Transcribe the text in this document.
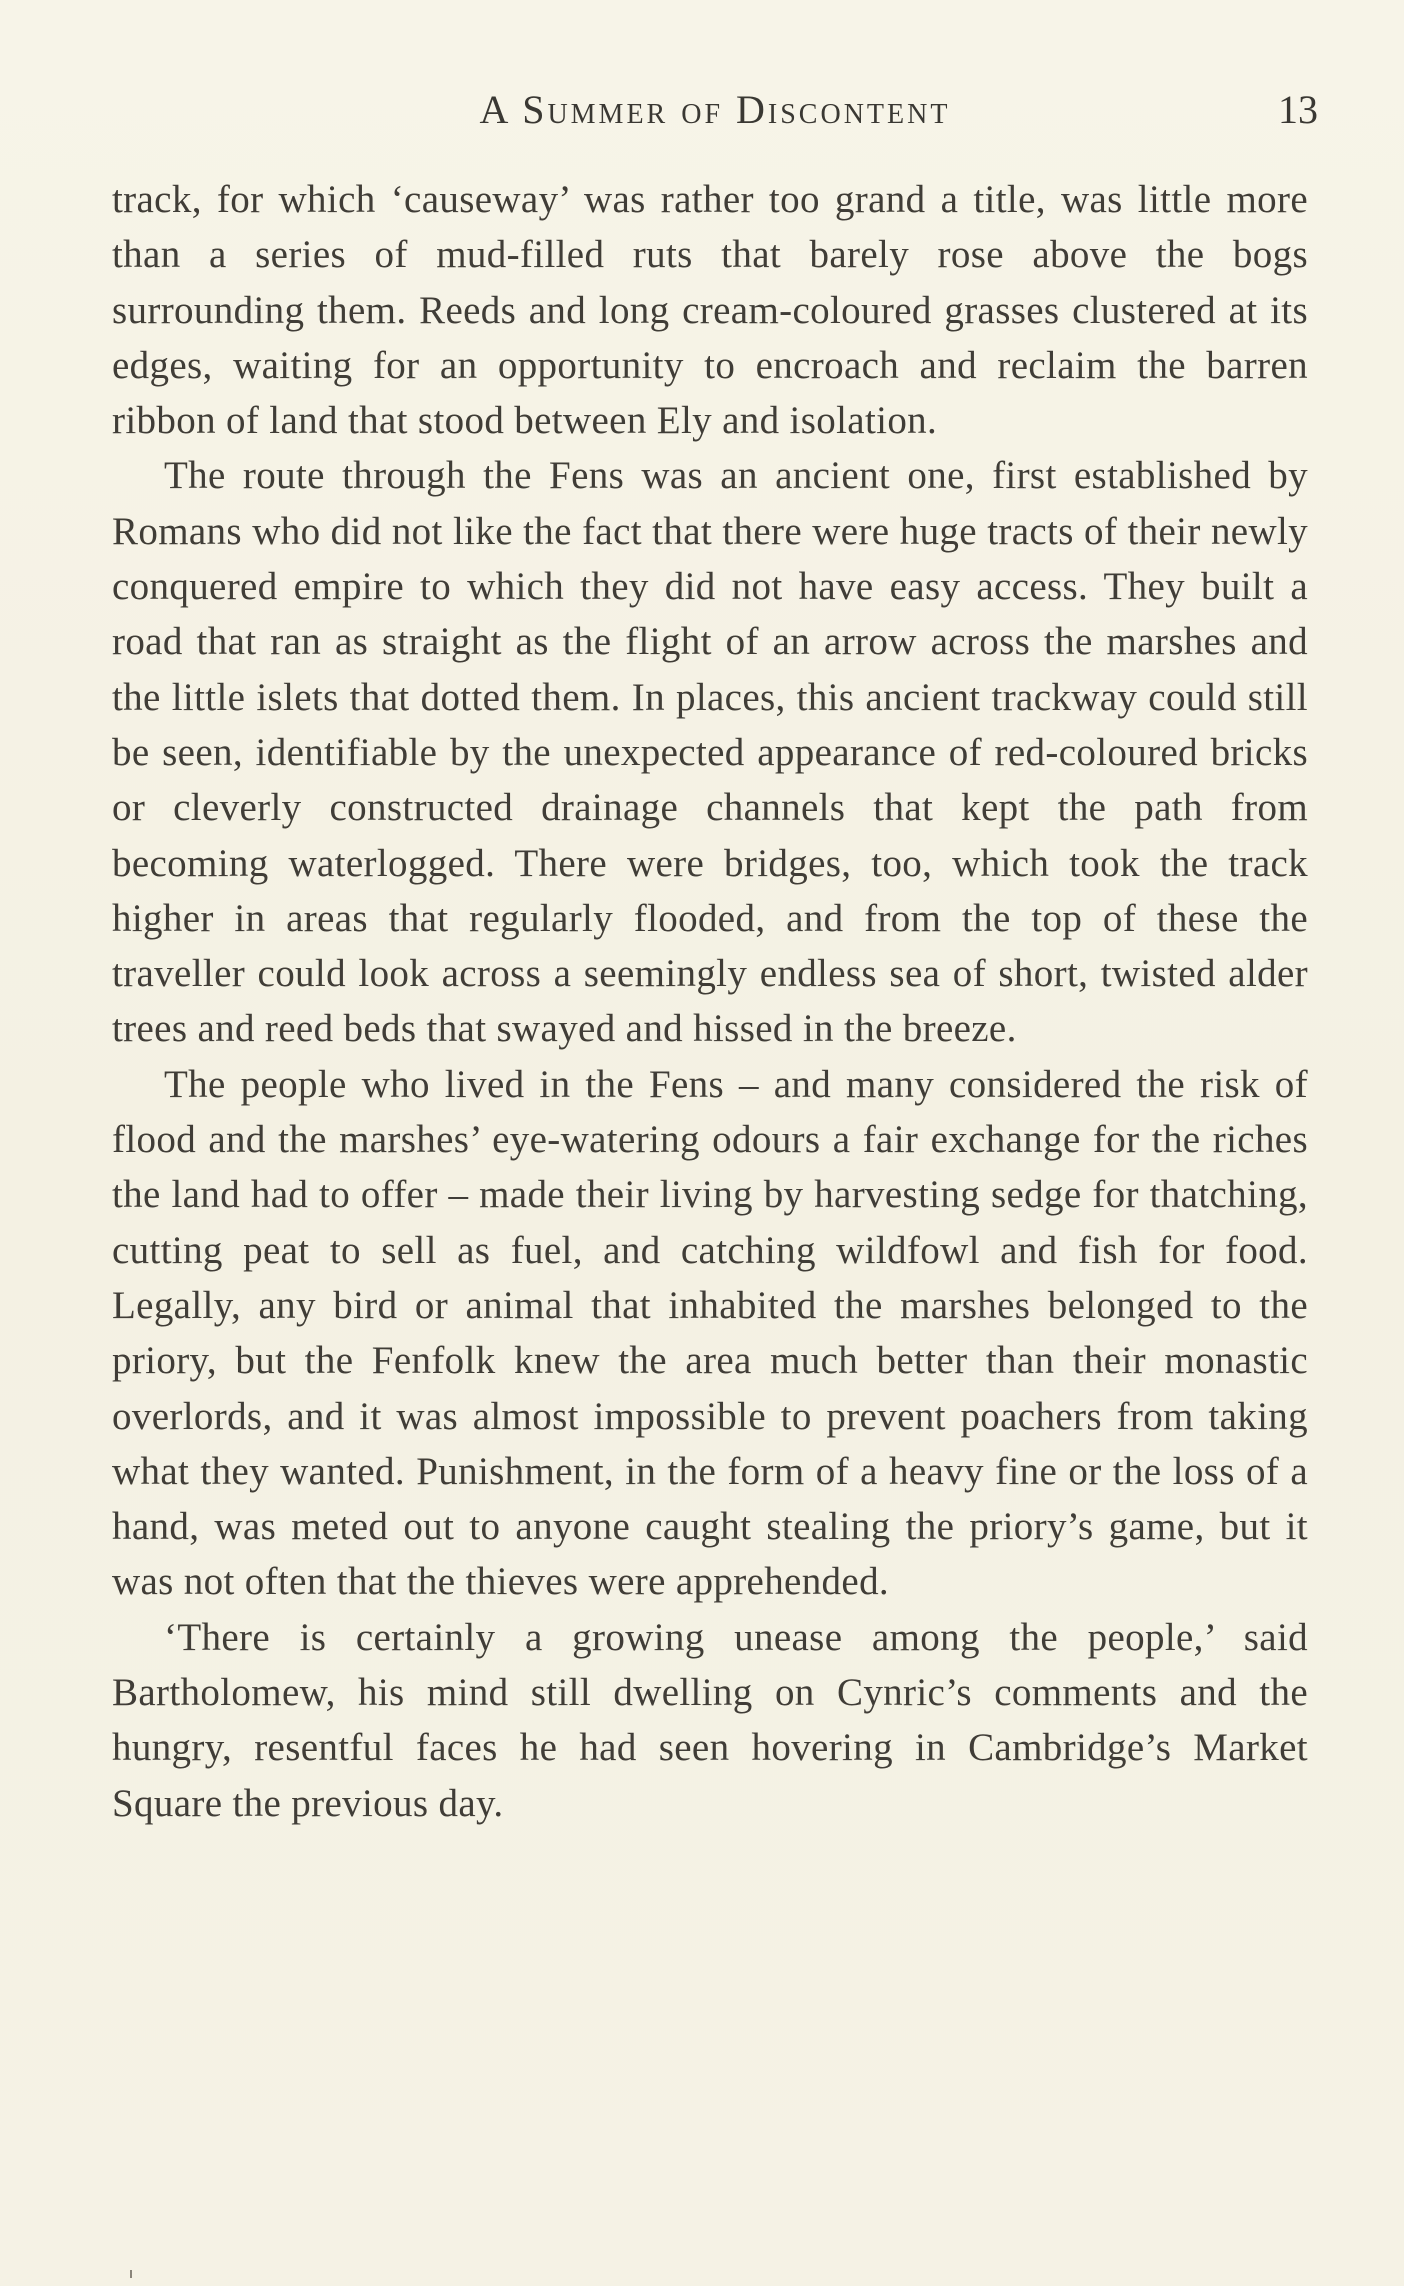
A Summer of Discontent	13

track, for which ‘causeway’ was rather too grand a title, was little more than a series of mud-filled ruts that barely rose above the bogs surrounding them. Reeds and long cream-coloured grasses clustered at its edges, waiting for an opportunity to encroach and reclaim the barren ribbon of land that stood between Ely and isolation.

The route through the Fens was an ancient one, first established by Romans who did not like the fact that there were huge tracts of their newly conquered empire to which they did not have easy access. They built a road that ran as straight as the flight of an arrow across the marshes and the little islets that dotted them. In places, this ancient trackway could still be seen, identifiable by the unexpected appearance of red-coloured bricks or cleverly constructed drainage channels that kept the path from becoming waterlogged. There were bridges, too, which took the track higher in areas that regularly flooded, and from the top of these the traveller could look across a seemingly endless sea of short, twisted alder trees and reed beds that swayed and hissed in the breeze.

The people who lived in the Fens – and many considered the risk of flood and the marshes’ eye-watering odours a fair exchange for the riches the land had to offer – made their living by harvesting sedge for thatching, cutting peat to sell as fuel, and catching wildfowl and fish for food. Legally, any bird or animal that inhabited the marshes belonged to the priory, but the Fenfolk knew the area much better than their monastic overlords, and it was almost impossible to prevent poachers from taking what they wanted. Punishment, in the form of a heavy fine or the loss of a hand, was meted out to anyone caught stealing the priory’s game, but it was not often that the thieves were apprehended.

‘There is certainly a growing unease among the people,’ said Bartholomew, his mind still dwelling on Cynric’s comments and the hungry, resentful faces he had seen hovering in Cambridge’s Market Square the previous day.
